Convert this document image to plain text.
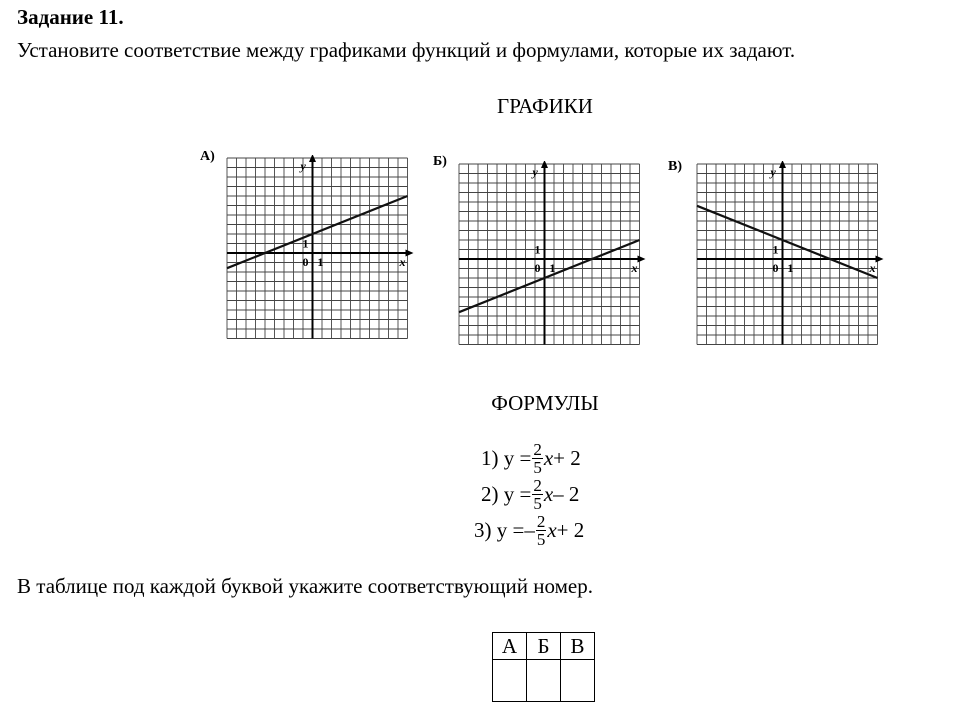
Задание 11.
Установите соответствие между графиками функций и формулами, которые их задают.
ГРАФИКИ
А)
y
x
0 1
1
Б)
y
x
0 1
1
В)	y
x
0 1
1
ФОРМУЛЫ
1) $y = \frac{2}{5}$ x + 2
2) $y = \frac{2}{5}$ x – 2
3) y = – $\frac{2}{5}$ x + 2
В таблице под каждой буквой укажите соответствующий номер.
А	Б	В
